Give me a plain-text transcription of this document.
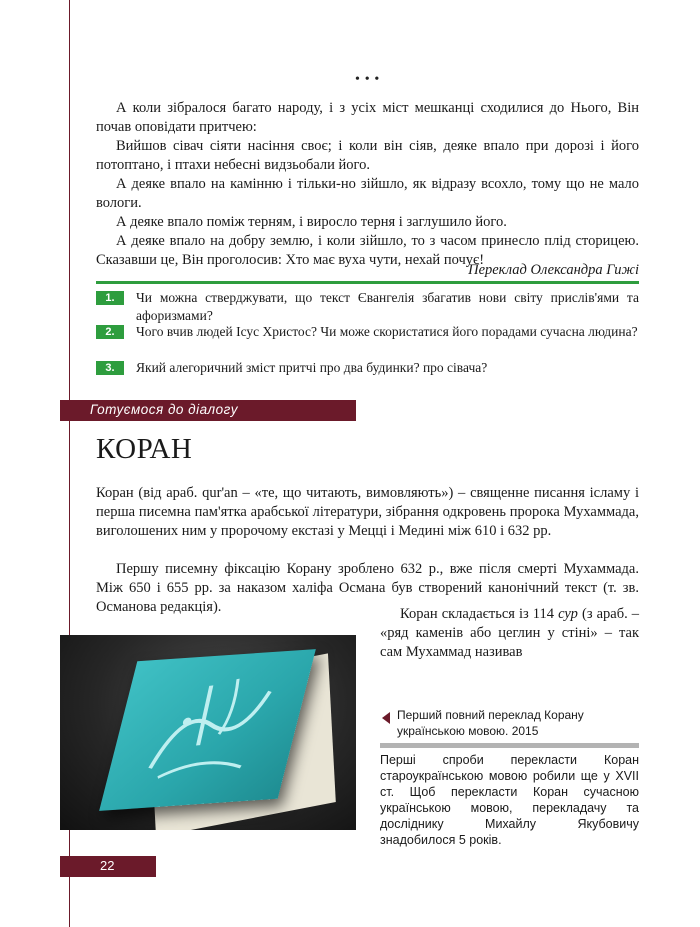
• • •

А коли зібралося багато народу, і з усіх міст мешканці сходилися до Нього, Він почав оповідати притчею:

Вийшов сівач сіяти насіння своє; і коли він сіяв, деяке впало при дорозі і його потоптано, і птахи небесні видзьобали його.

А деяке впало на камінню і тільки-но зійшло, як відразу всохло, тому що не мало вологи.

А деяке впало поміж терням, і виросло терня і заглушило його.

А деяке впало на добру землю, і коли зійшло, то з часом принесло плід сторицею. Сказавши це, Він проголосив: Хто має вуха чути, нехай почує!

Переклад Олександра Гижі
1.	Чи можна стверджувати, що текст Євангелія збагатив нови світу прислів'ями та афоризмами?
2.	Чого вчив людей Ісус Христос? Чи може скористатися його порадами сучасна людина?
3.	Який алегоричний зміст притчі про два будинки? про сівача?
Готуємося до діалогу
КОРАН

Коран (від араб. qur'an – «те, що читають, вимовляють») – священне писання ісламу і перша писемна пам'ятка арабської літератури, зібрання одкровень пророка Мухаммада, виголошених ним у пророчому екстазі у Мецці і Медині між 610 і 632 рр.

Першу писемну фіксацію Корану зроблено 632 р., вже після смерті Мухаммада. Між 650 і 655 рр. за наказом халіфа Османа був створений канонічний текст (т. зв. Османова редакція).	Коран складається із 114 сур (з араб. – «ряд каменів або цеглин у стіні» – так сам Мухаммад називав

Перший повний переклад Корану українською мовою. 2015
Перші спроби перекласти Коран староукраїнською мовою робили ще у XVII ст. Щоб перекласти Коран сучасною українською мовою, перекладачу та досліднику Михайлу Якубовичу знадобилося 5 років.
22
